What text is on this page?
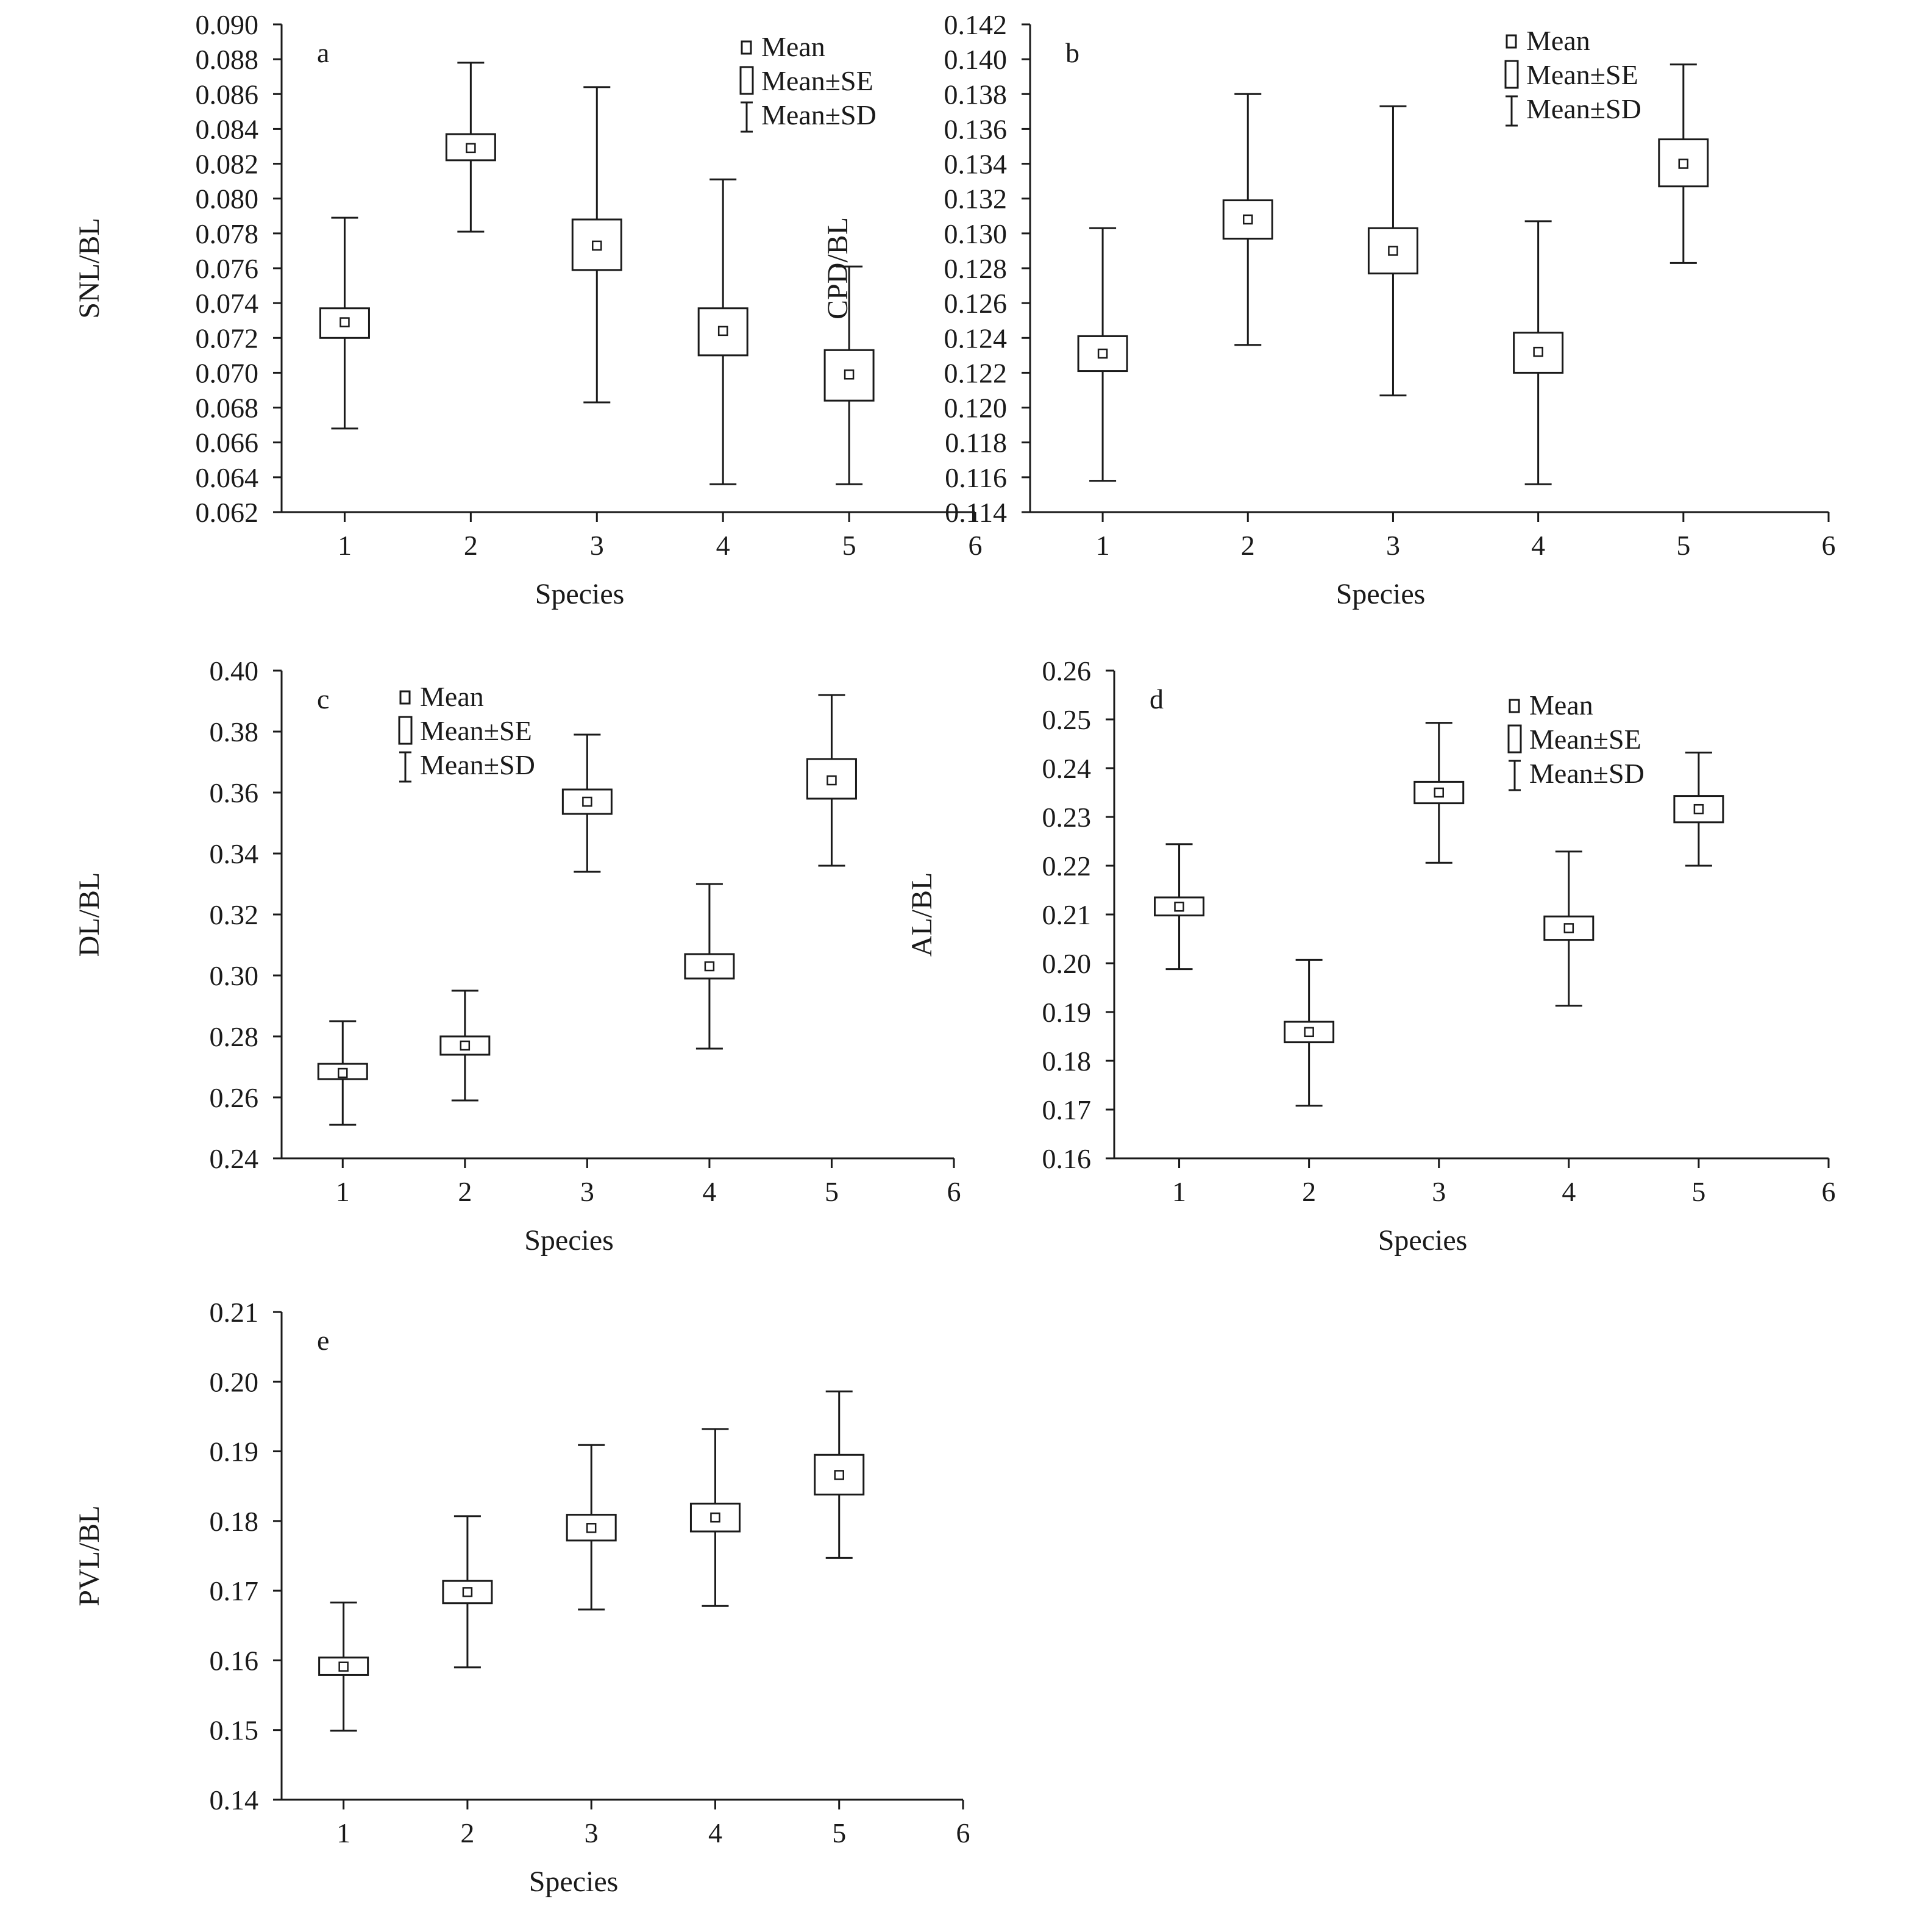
0.062
0.064
0.066
0.068
0.070
0.072
0.074
0.076
0.078
0.080
0.082
0.084
0.086
0.088
0.090
1	2	3	4	5	6
Species
SNL/BL
a	Mean
Mean±SE
Mean±SD
0.114
0.116
0.118
0.120
0.122
0.124
0.126
0.128
0.130
0.132
0.134
0.136
0.138
0.140
0.142
1	2	3	4	5	6
Species
CPD/BL
b	Mean
Mean±SE
Mean±SD
0.24
0.26
0.28
0.30
0.32
0.34
0.36
0.38
0.40
1	2	3	4	5	6
Species
DL/BL
c	Mean
Mean±SE
Mean±SD
0.16
0.17
0.18
0.19
0.20
0.21
0.22
0.23
0.24
0.25
0.26
1	2	3	4	5	6
Species
AL/BL
d	Mean
Mean±SE
Mean±SD
0.14
0.15
0.16
0.17
0.18
0.19
0.20
0.21
1	2	3	4	5	6
Species
PVL/BL
e
